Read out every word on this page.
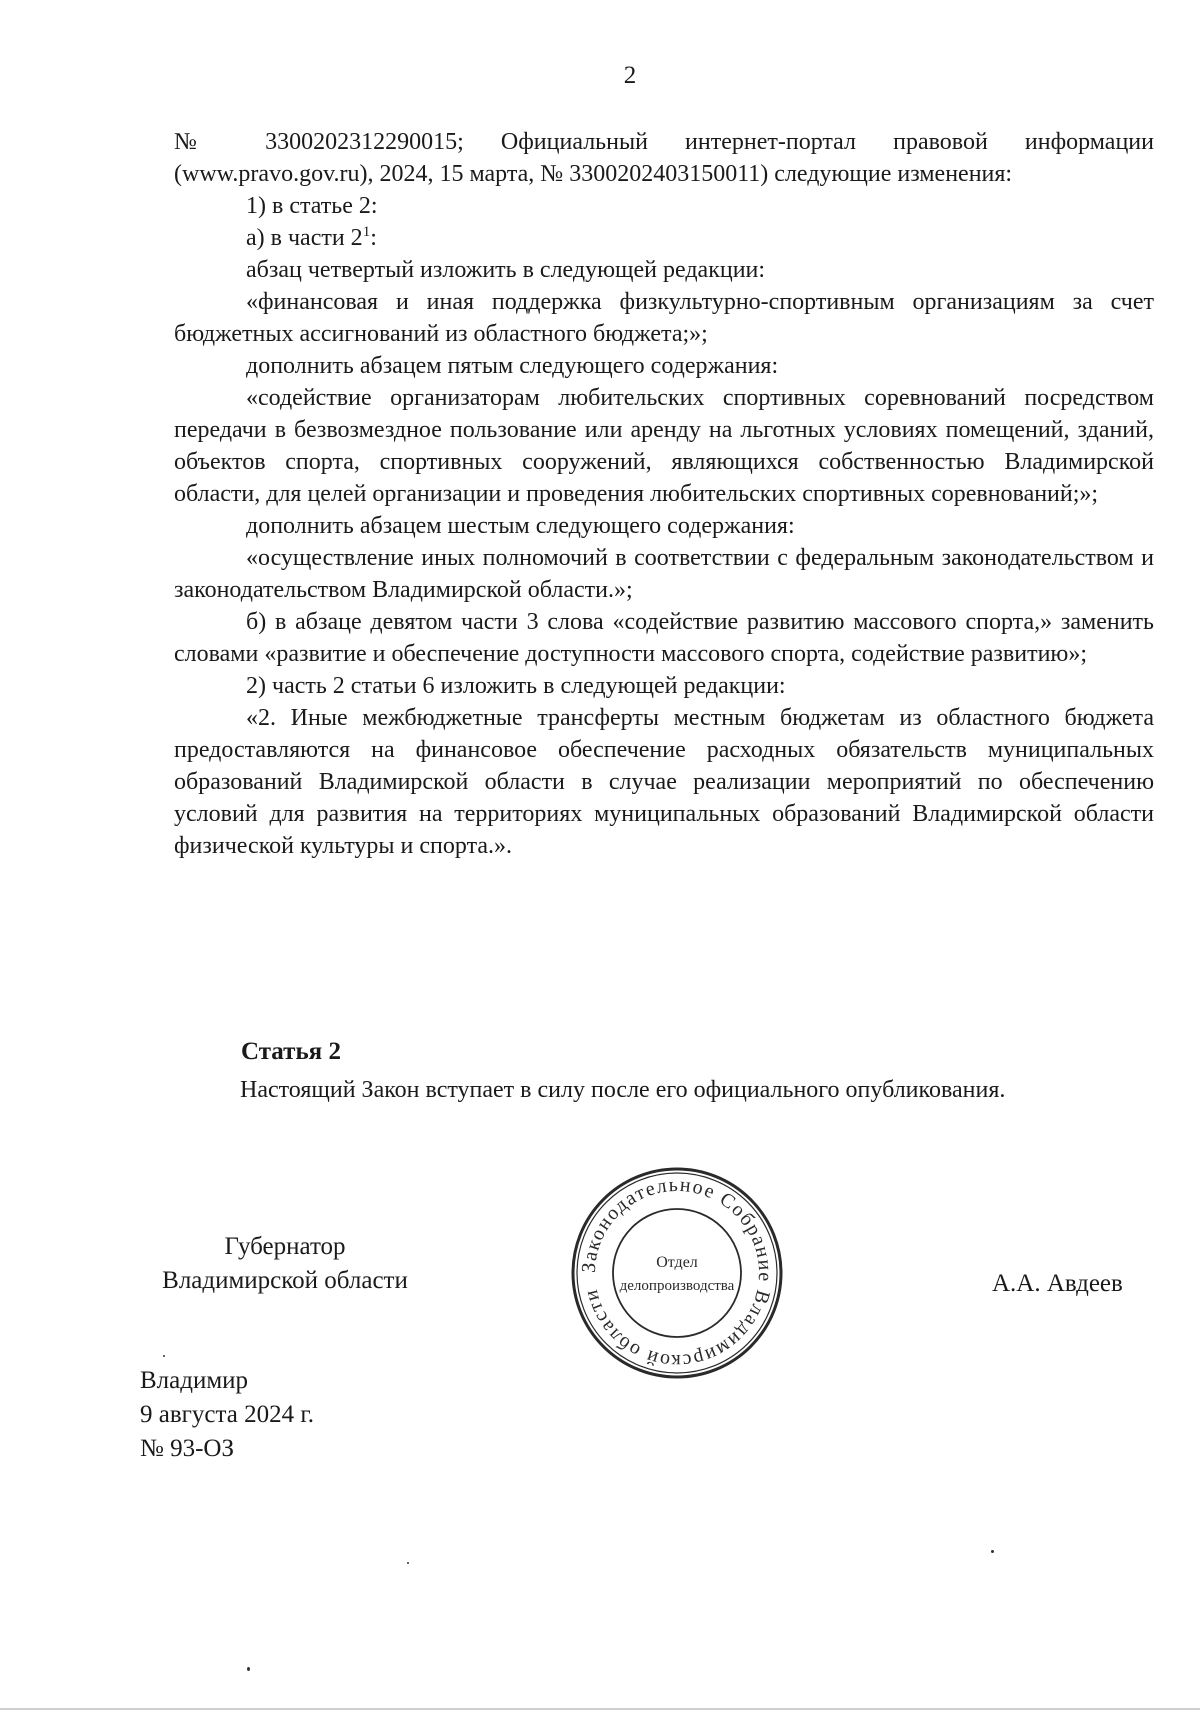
2

№ 3300202312290015; Официальный интернет-портал правовой информации (www.pravo.gov.ru), 2024, 15 марта, № 3300202403150011) следующие изменения:

1) в статье 2:

а) в части $2^1$:

абзац четвертый изложить в следующей редакции:

«финансовая и иная поддержка физкультурно-спортивным организациям за счет бюджетных ассигнований из областного бюджета;»;

дополнить абзацем пятым следующего содержания:

«содействие организаторам любительских спортивных соревнований посредством передачи в безвозмездное пользование или аренду на льготных условиях помещений, зданий, объектов спорта, спортивных сооружений, являющихся собственностью Владимирской области, для целей организации и проведения любительских спортивных соревнований;»;

дополнить абзацем шестым следующего содержания:

«осуществление иных полномочий в соответствии с федеральным законодательством и законодательством Владимирской области.»;

б) в абзаце девятом части 3 слова «содействие развитию массового спорта,» заменить словами «развитие и обеспечение доступности массового спорта, содействие развитию»;

2) часть 2 статьи 6 изложить в следующей редакции:

«2. Иные межбюджетные трансферты местным бюджетам из областного бюджета предоставляются на финансовое обеспечение расходных обязательств муниципальных образований Владимирской области в случае реализации мероприятий по обеспечению условий для развития на территориях муниципальных образований Владимирской области физической культуры и спорта.».

Статья 2

Настоящий Закон вступает в силу после его официального опубликования.

Губернатор
Владимирской области
Законодательное Собрание Владимирской области
Отдел
делопроизводства	А.А. Авдеев
Владимир
9 августа 2024 г.
№ 93-ОЗ
